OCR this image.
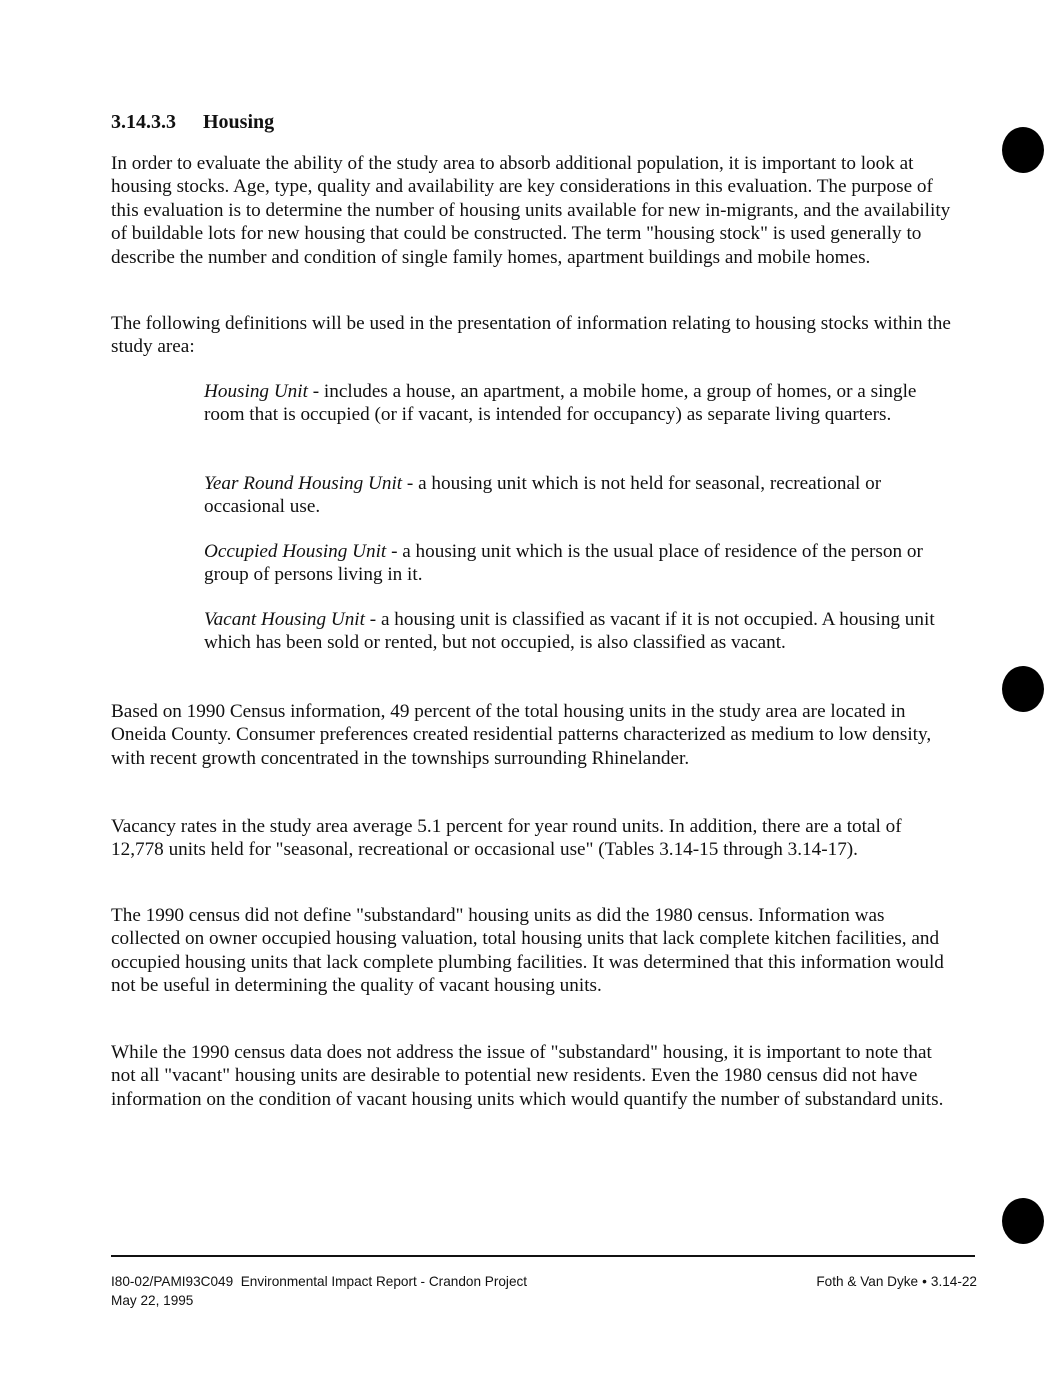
3.14.3.3 Housing

In order to evaluate the ability of the study area to absorb additional population, it is important to look at housing stocks. Age, type, quality and availability are key considerations in this evaluation. The purpose of this evaluation is to determine the number of housing units available for new in-migrants, and the availability of buildable lots for new housing that could be constructed. The term "housing stock" is used generally to describe the number and condition of single family homes, apartment buildings and mobile homes.

The following definitions will be used in the presentation of information relating to housing stocks within the study area:

Housing Unit - includes a house, an apartment, a mobile home, a group of homes, or a single room that is occupied (or if vacant, is intended for occupancy) as separate living quarters.

Year Round Housing Unit - a housing unit which is not held for seasonal, recreational or occasional use.

Occupied Housing Unit - a housing unit which is the usual place of residence of the person or group of persons living in it.

Vacant Housing Unit - a housing unit is classified as vacant if it is not occupied. A housing unit which has been sold or rented, but not occupied, is also classified as vacant.

Based on 1990 Census information, 49 percent of the total housing units in the study area are located in Oneida County. Consumer preferences created residential patterns characterized as medium to low density, with recent growth concentrated in the townships surrounding Rhinelander.

Vacancy rates in the study area average 5.1 percent for year round units. In addition, there are a total of 12,778 units held for "seasonal, recreational or occasional use" (Tables 3.14-15 through 3.14-17).

The 1990 census did not define "substandard" housing units as did the 1980 census. Information was collected on owner occupied housing valuation, total housing units that lack complete kitchen facilities, and occupied housing units that lack complete plumbing facilities. It was determined that this information would not be useful in determining the quality of vacant housing units.

While the 1990 census data does not address the issue of "substandard" housing, it is important to note that not all "vacant" housing units are desirable to potential new residents. Even the 1980 census did not have information on the condition of vacant housing units which would quantify the number of substandard units.

I80-02/PAMI93C049 Environmental Impact Report - Crandon Project
May 22, 1995
Foth & Van Dyke • 3.14-22
